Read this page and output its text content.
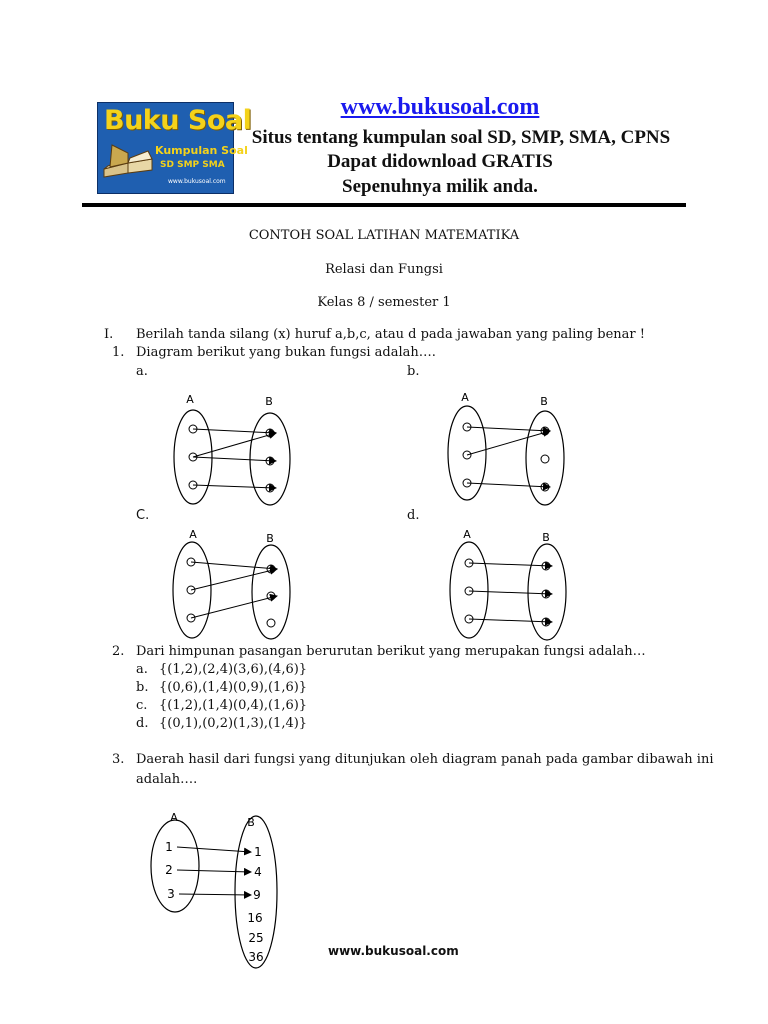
Buku Soal
Kumpulan Soal
SD SMP SMA
www.bukusoal.com
www.bukusoal.com
Situs tentang kumpulan soal SD, SMP, SMA, CPNS
Dapat didownload GRATIS
Sepenuhnya milik anda.
CONTOH SOAL LATIHAN MATEMATIKA
Relasi dan Fungsi
Kelas 8 / semester 1
I. Berilah tanda silang (x) huruf a,b,c, atau d pada jawaban yang paling benar !
1. Diagram berikut yang bukan fungsi adalah….
a.	b.
C.	d.
A	B	A	B
A	B	A	B
A	B
1
2
3
1
4
9
16
25
36
2. Dari himpunan pasangan berurutan berikut yang merupakan fungsi adalah…
a. {(1,2),(2,4)(3,6),(4,6)}
b. {(0,6),(1,4)(0,9),(1,6)}
c. {(1,2),(1,4)(0,4),(1,6)}
d. {(0,1),(0,2)(1,3),(1,4)}
3. Daerah hasil dari fungsi yang ditunjukan oleh diagram panah pada gambar dibawah ini
adalah….
www.bukusoal.com
